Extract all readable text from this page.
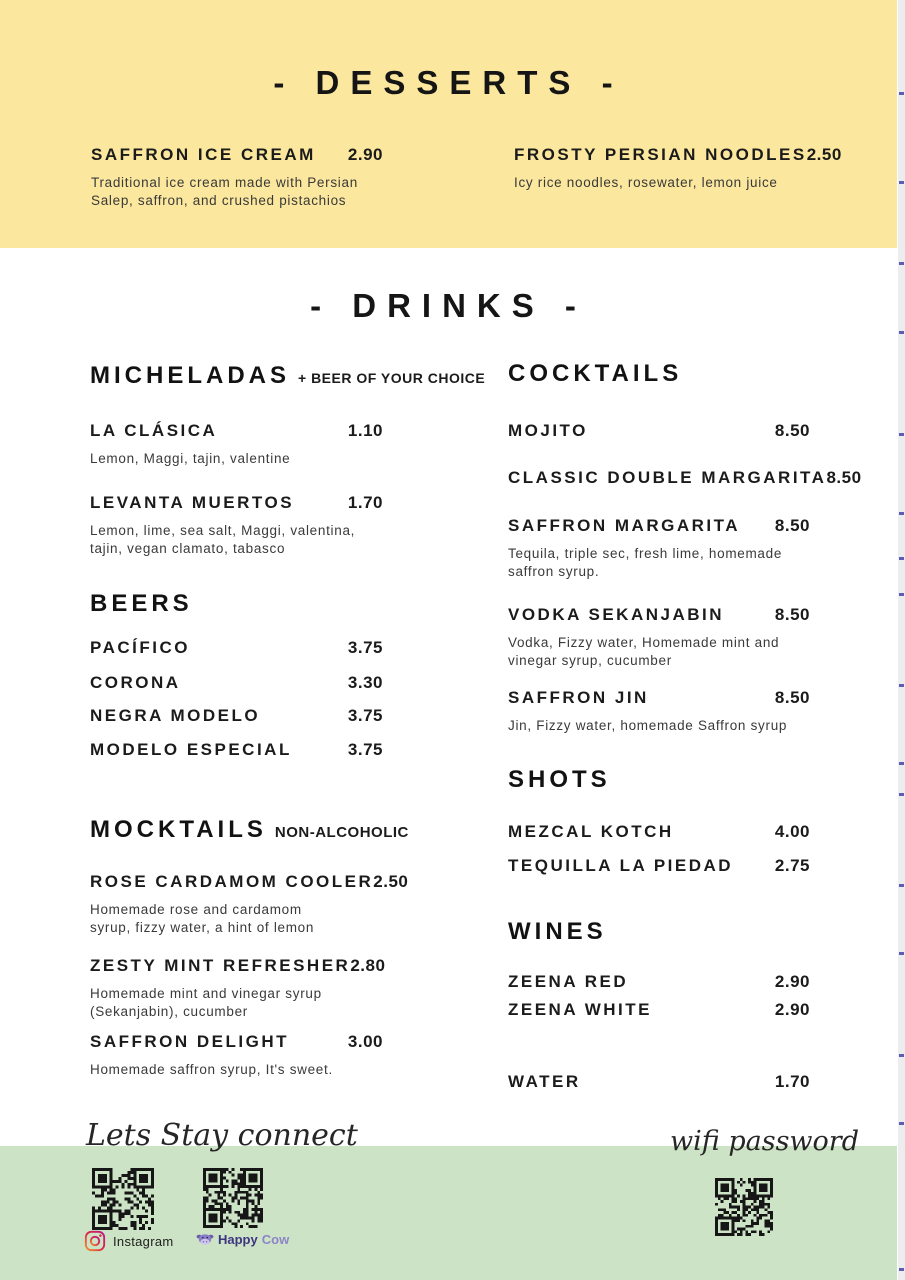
- DESSERTS -
SAFFRON ICE CREAM 2.90

Traditional ice cream made with Persian Salep, saffron, and crushed pistachios

FROSTY PERSIAN NOODLES 2.50

Icy rice noodles, rosewater, lemon juice

- DRINKS -
MICHELADAS + BEER OF YOUR CHOICE
LA CLÁSICA	1.10

Lemon, Maggi, tajin, valentine

LEVANTA MUERTOS	1.70

Lemon, lime, sea salt, Maggi, valentina, tajin, vegan clamato, tabasco

BEERS
PACÍFICO	3.75
CORONA	3.30
NEGRA MODELO	3.75
MODELO ESPECIAL	3.75
MOCKTAILS NON-ALCOHOLIC
ROSE CARDAMOM COOLER 2.50

Homemade rose and cardamom syrup, fizzy water, a hint of lemon

ZESTY MINT REFRESHER 2.80

Homemade mint and vinegar syrup (Sekanjabin), cucumber

SAFFRON DELIGHT	3.00

Homemade saffron syrup, It's sweet.

COCKTAILS
MOJITO	8.50
CLASSIC DOUBLE MARGARITA 8.50
SAFFRON MARGARITA 8.50

Tequila, triple sec, fresh lime, homemade saffron syrup.

VODKA SEKANJABIN	8.50

Vodka, Fizzy water, Homemade mint and vinegar syrup, cucumber

SAFFRON JIN	8.50

Jin, Fizzy water, homemade Saffron syrup

SHOTS
MEZCAL KOTCH	4.00
TEQUILLA LA PIEDAD 2.75
WINES
ZEENA RED	2.90
ZEENA WHITE	2.90
WATER	1.70
Lets Stay connect	wifi password
Instagram	Happy Cow
